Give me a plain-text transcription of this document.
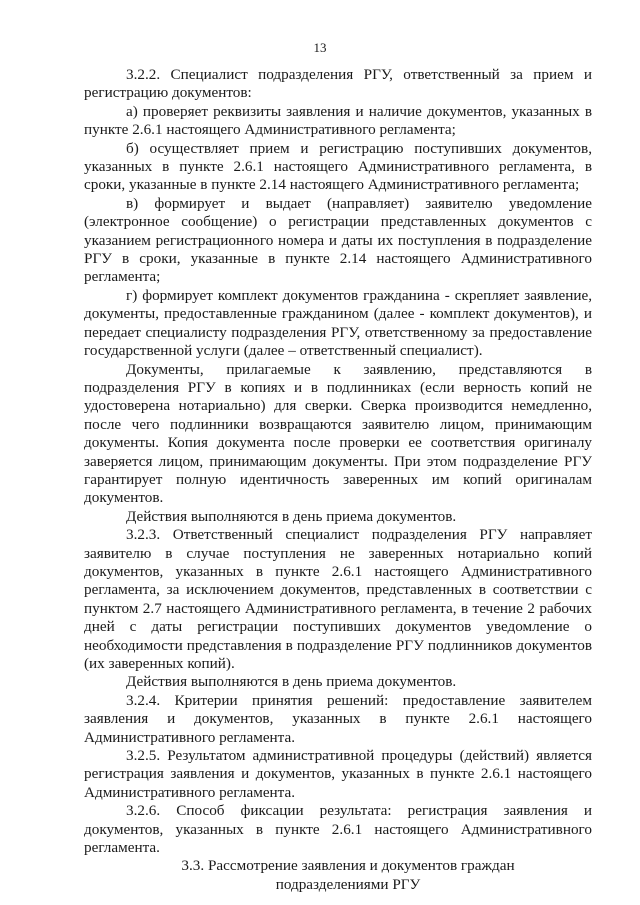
13

3.2.2. Специалист подразделения РГУ, ответственный за прием и регистрацию документов:

а) проверяет реквизиты заявления и наличие документов, указанных в пункте 2.6.1 настоящего Административного регламента;

б) осуществляет прием и регистрацию поступивших документов, указанных в пункте 2.6.1 настоящего Административного регламента, в сроки, указанные в пункте 2.14 настоящего Административного регламента;

в) формирует и выдает (направляет) заявителю уведомление (электронное сообщение) о регистрации представленных документов с указанием регистрационного номера и даты их поступления в подразделение РГУ в сроки, указанные в пункте 2.14 настоящего Административного регламента;

г) формирует комплект документов гражданина - скрепляет заявление, документы, предоставленные гражданином (далее - комплект документов), и передает специалисту подразделения РГУ, ответственному за предоставление государственной услуги (далее – ответственный специалист).

Документы, прилагаемые к заявлению, представляются в подразделения РГУ в копиях и в подлинниках (если верность копий не удостоверена нотариально) для сверки. Сверка производится немедленно, после чего подлинники возвращаются заявителю лицом, принимающим документы. Копия документа после проверки ее соответствия оригиналу заверяется лицом, принимающим документы. При этом подразделение РГУ гарантирует полную идентичность заверенных им копий оригиналам документов.

Действия выполняются в день приема документов.

3.2.3. Ответственный специалист подразделения РГУ направляет заявителю в случае поступления не заверенных нотариально копий документов, указанных в пункте 2.6.1 настоящего Административного регламента, за исключением документов, представленных в соответствии с пунктом 2.7 настоящего Административного регламента, в течение 2 рабочих дней с даты регистрации поступивших документов уведомление о необходимости представления в подразделение РГУ подлинников документов (их заверенных копий).

Действия выполняются в день приема документов.

3.2.4. Критерии принятия решений: предоставление заявителем заявления и документов, указанных в пункте 2.6.1 настоящего Административного регламента.

3.2.5. Результатом административной процедуры (действий) является регистрация заявления и документов, указанных в пункте 2.6.1 настоящего Административного регламента.

3.2.6. Способ фиксации результата: регистрация заявления и документов, указанных в пункте 2.6.1 настоящего Административного регламента.

3.3. Рассмотрение заявления и документов граждан
подразделениями РГУ
